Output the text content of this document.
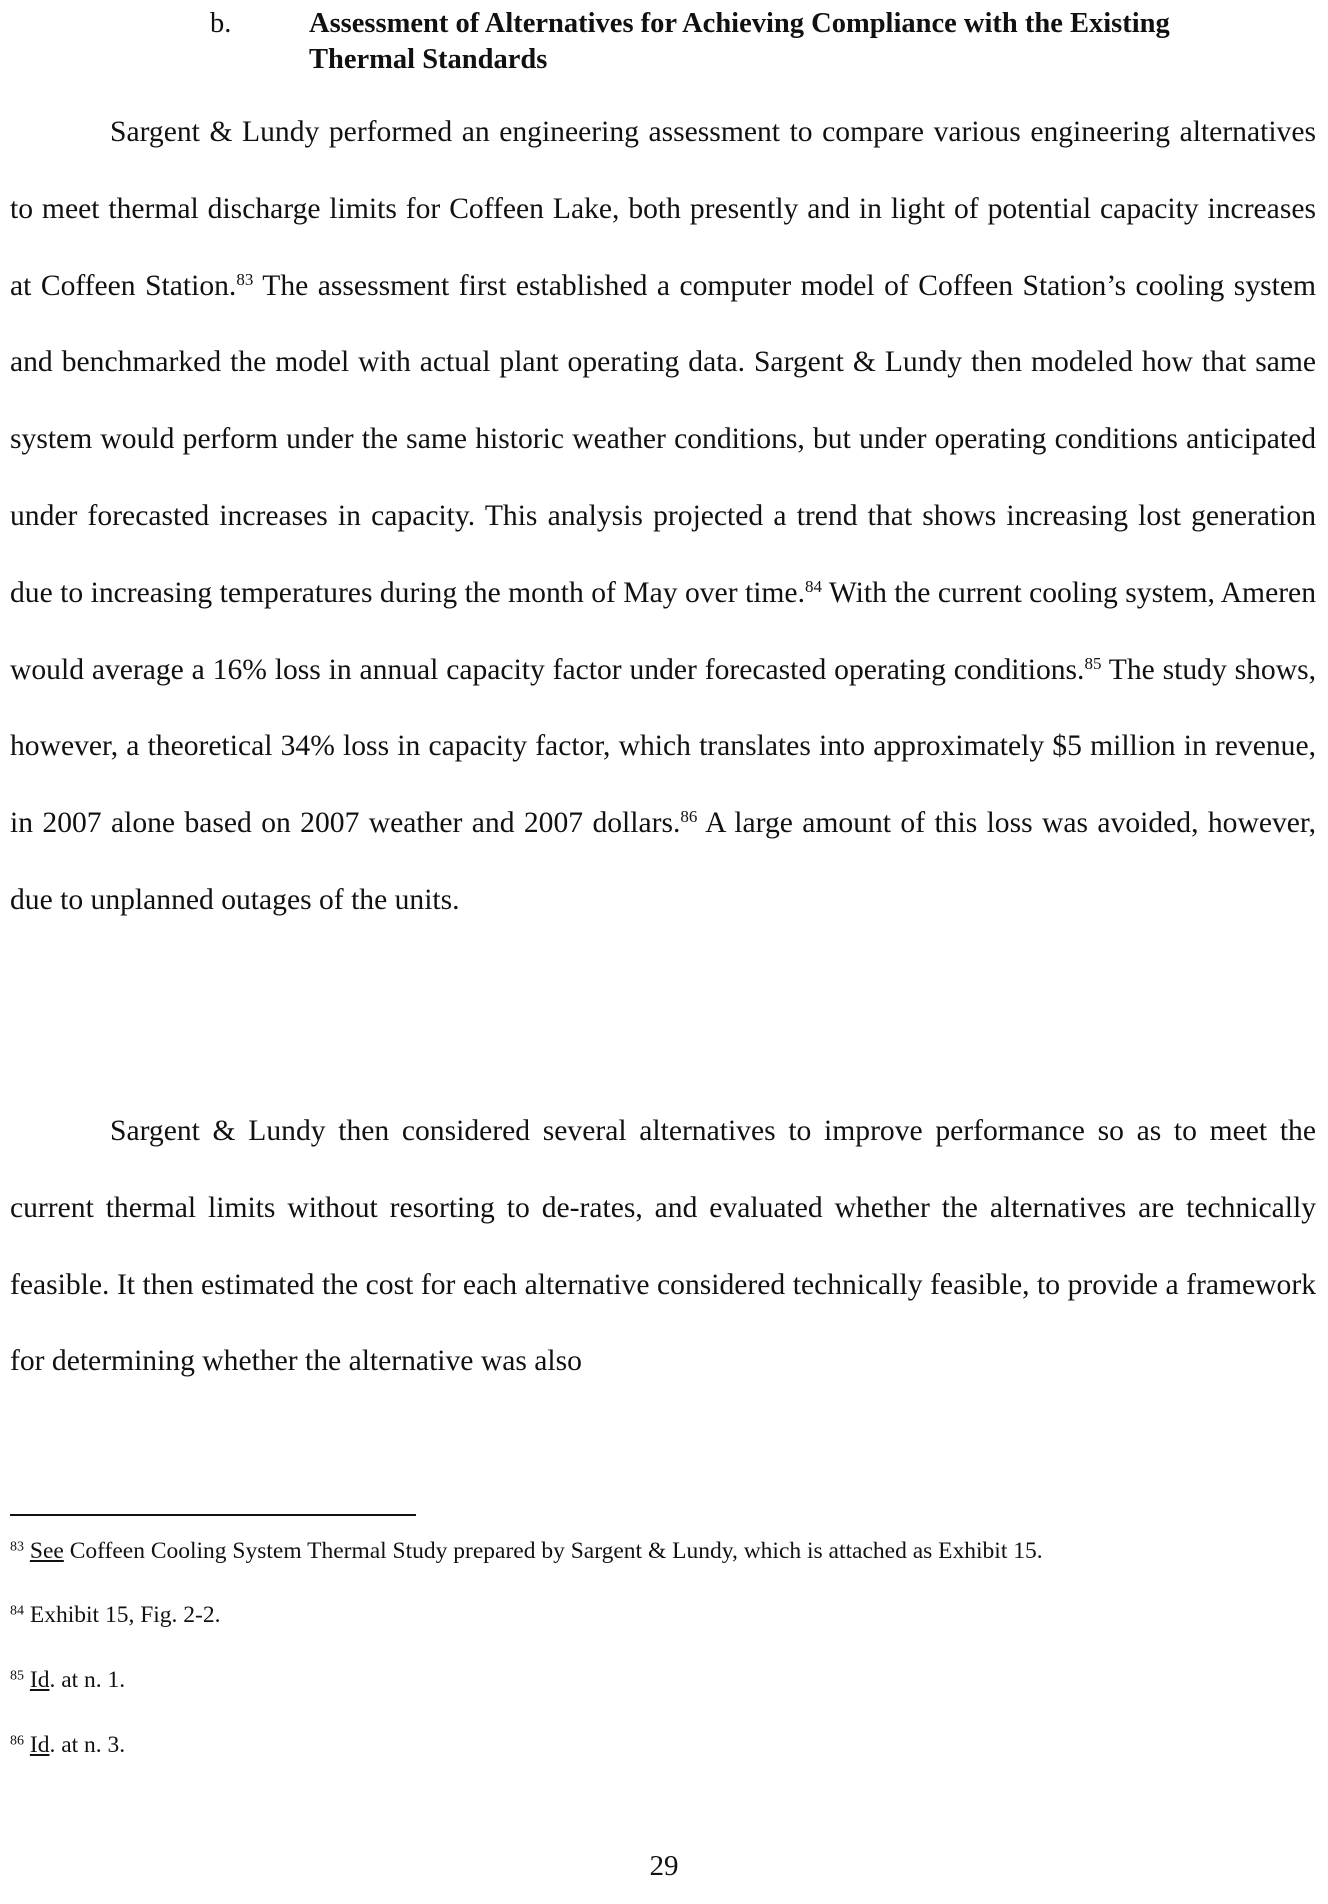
b.	Assessment of Alternatives for Achieving Compliance with the Existing Thermal Standards

Sargent & Lundy performed an engineering assessment to compare various engineering alternatives to meet thermal discharge limits for Coffeen Lake, both presently and in light of potential capacity increases at Coffeen Station.$^{83}$ The assessment first established a computer model of Coffeen Station’s cooling system and benchmarked the model with actual plant operating data. Sargent & Lundy then modeled how that same system would perform under the same historic weather conditions, but under operating conditions anticipated under forecasted increases in capacity. This analysis projected a trend that shows increasing lost generation due to increasing temperatures during the month of May over time.$^{84}$ With the current cooling system, Ameren would average a 16% loss in annual capacity factor under forecasted operating conditions.$^{85}$ The study shows, however, a theoretical 34% loss in capacity factor, which translates into approximately $5 million in revenue, in 2007 alone based on 2007 weather and 2007 dollars.$^{86}$ A large amount of this loss was avoided, however, due to unplanned outages of the units.

Sargent & Lundy then considered several alternatives to improve performance so as to meet the current thermal limits without resorting to de-rates, and evaluated whether the alternatives are technically feasible. It then estimated the cost for each alternative considered technically feasible, to provide a framework for determining whether the alternative was also

$^{83}$ See Coffeen Cooling System Thermal Study prepared by Sargent & Lundy, which is attached as Exhibit 15.
$^{84}$ Exhibit 15, Fig. 2-2.
$^{85}$ Id. at n. 1.
$^{86}$ Id. at n. 3.
29
